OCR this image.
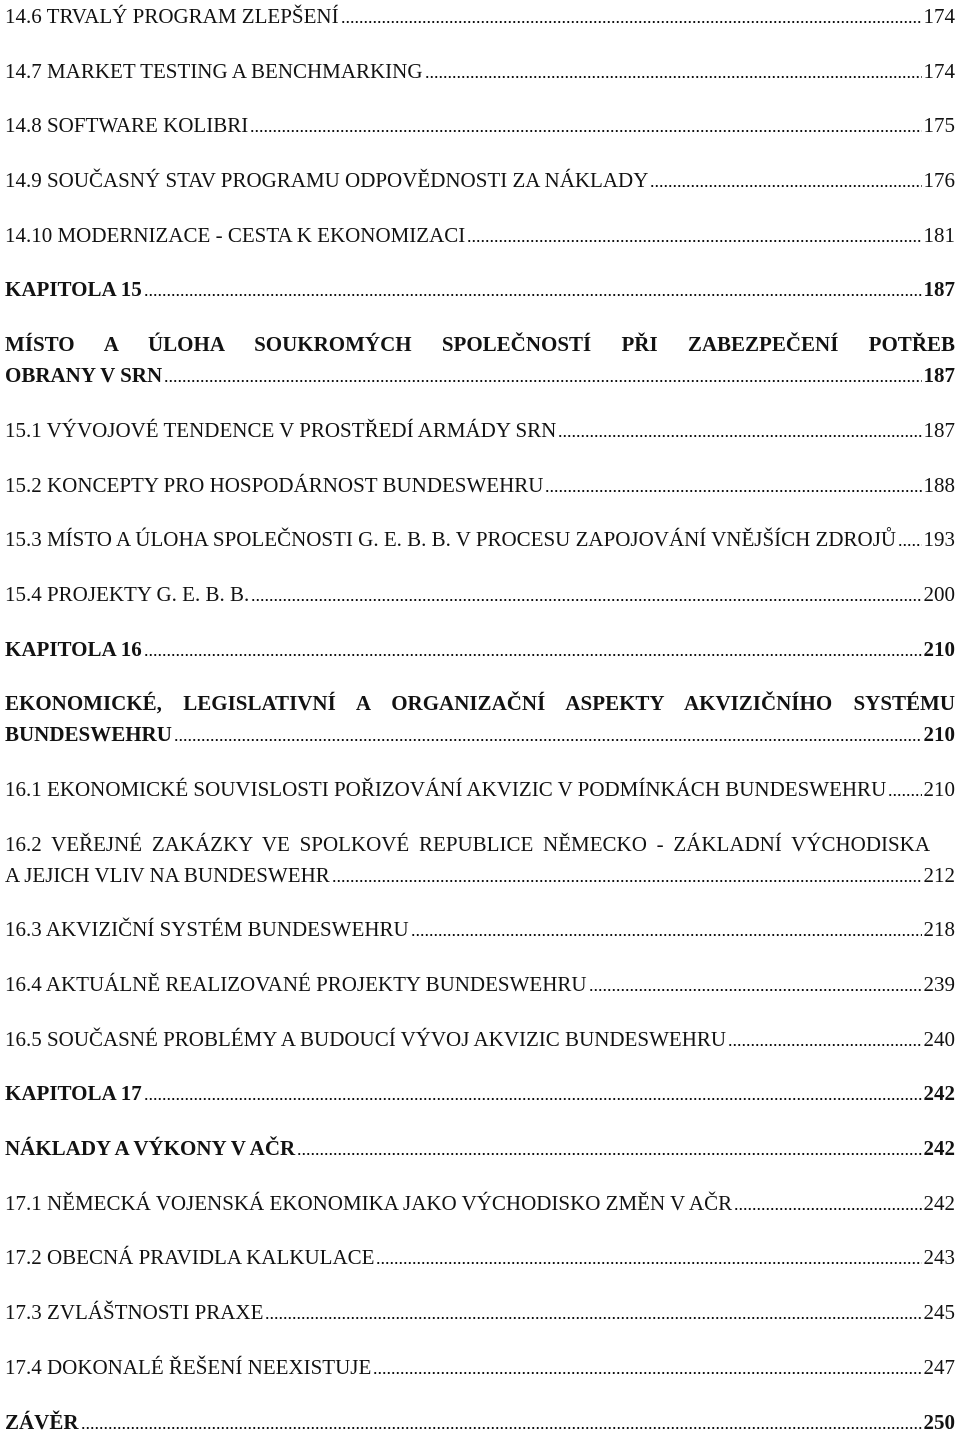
14.6 TRVALÝ PROGRAM ZLEPŠENÍ	174
14.7 MARKET TESTING A BENCHMARKING	174
14.8 SOFTWARE KOLIBRI	175
14.9 SOUČASNÝ STAV PROGRAMU ODPOVĚDNOSTI ZA NÁKLADY	176
14.10 MODERNIZACE - CESTA K EKONOMIZACI	181
KAPITOLA 15	187
MÍSTO A ÚLOHA SOUKROMÝCH SPOLEČNOSTÍ PŘI ZABEZPEČENÍ POTŘEB
OBRANY V SRN	187
15.1 VÝVOJOVÉ TENDENCE V PROSTŘEDÍ ARMÁDY SRN	187
15.2 KONCEPTY PRO HOSPODÁRNOST BUNDESWEHRU	188
15.3 MÍSTO A ÚLOHA SPOLEČNOSTI G. E. B. B. V PROCESU ZAPOJOVÁNÍ VNĚJŠÍCH ZDROJŮ 193
15.4 PROJEKTY G. E. B. B.	200
KAPITOLA 16	210
EKONOMICKÉ, LEGISLATIVNÍ A ORGANIZAČNÍ ASPEKTY AKVIZIČNÍHO SYSTÉMU
BUNDESWEHRU	210
16.1 EKONOMICKÉ SOUVISLOSTI POŘIZOVÁNÍ AKVIZIC V PODMÍNKÁCH BUNDESWEHRU 210
16.2 VEŘEJNÉ ZAKÁZKY VE SPOLKOVÉ REPUBLICE NĚMECKO - ZÁKLADNÍ VÝCHODISKA
A JEJICH VLIV NA BUNDESWEHR	212
16.3 AKVIZIČNÍ SYSTÉM BUNDESWEHRU	218
16.4 AKTUÁLNĚ REALIZOVANÉ PROJEKTY BUNDESWEHRU	239
16.5 SOUČASNÉ PROBLÉMY A BUDOUCÍ VÝVOJ AKVIZIC BUNDESWEHRU	240
KAPITOLA 17	242
NÁKLADY A VÝKONY V AČR	242
17.1 NĚMECKÁ VOJENSKÁ EKONOMIKA JAKO VÝCHODISKO ZMĚN V AČR	242
17.2 OBECNÁ PRAVIDLA KALKULACE	243
17.3 ZVLÁŠTNOSTI PRAXE	245
17.4 DOKONALÉ ŘEŠENÍ NEEXISTUJE	247
ZÁVĚR	250
